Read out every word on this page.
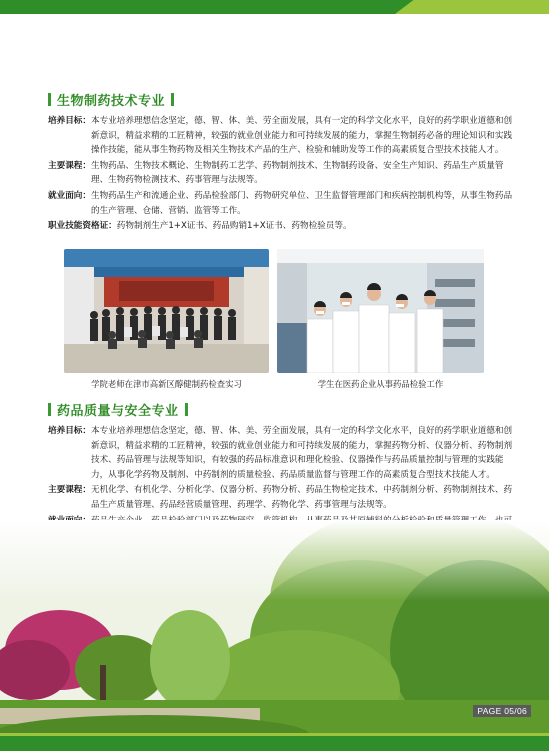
生物制药技术专业
培养目标： 本专业培养理想信念坚定，德、智、体、美、劳全面发展，具有一定的科学文化水平，良好的药学职业道德和创新意识，精益求精的工匠精神，较强的就业创业能力和可持续发展的能力，掌握生物制药必备的理论知识和实践操作技能，能从事生物药物及相关生物技术产品的生产、检验和辅助发等工作的高素质复合型技术技能人才。
主要课程： 生物药品、生物技术概论、生物制药工艺学、药物制剂技术、生物制药设备、安全生产知识、药品生产质量管理、生物药物检测技术、药事管理与法规等。
就业面向： 生物药品生产和流通企业、药品检验部门、药物研究单位、卫生监督管理部门和疾病控制机构等，从事生物药品的生产管理、仓储、营销、监管等工作。
职业技能资格证： 药物制剂生产1+X证书、药品购销1+X证书、药物检验员等。
学院老师在津市高新区醇健制药检查实习	学生在医药企业从事药品检验工作
药品质量与安全专业
培养目标： 本专业培养理想信念坚定，德、智、体、美、劳全面发展，具有一定的科学文化水平，良好的药学职业道德和创新意识，精益求精的工匠精神，较强的就业创业能力和可持续发展的能力，掌握药物分析、仪器分析、药物制剂技术、药品管理与法规等知识，有较强的药品标准意识和理化检验、仪器操作与药品质量控制与管理的实践能力，从事化学药物及制剂、中药制剂的质量检验、药品质量监督与管理工作的高素质复合型技术技能人才。
主要课程： 无机化学、有机化学、分析化学、仪器分析、药物分析、药品生物检定技术、中药制剂分析、药物制剂技术、药品生产质量管理、药品经营质量管理、药理学、药物化学、药事管理与法规等。
PAGE 05/06
